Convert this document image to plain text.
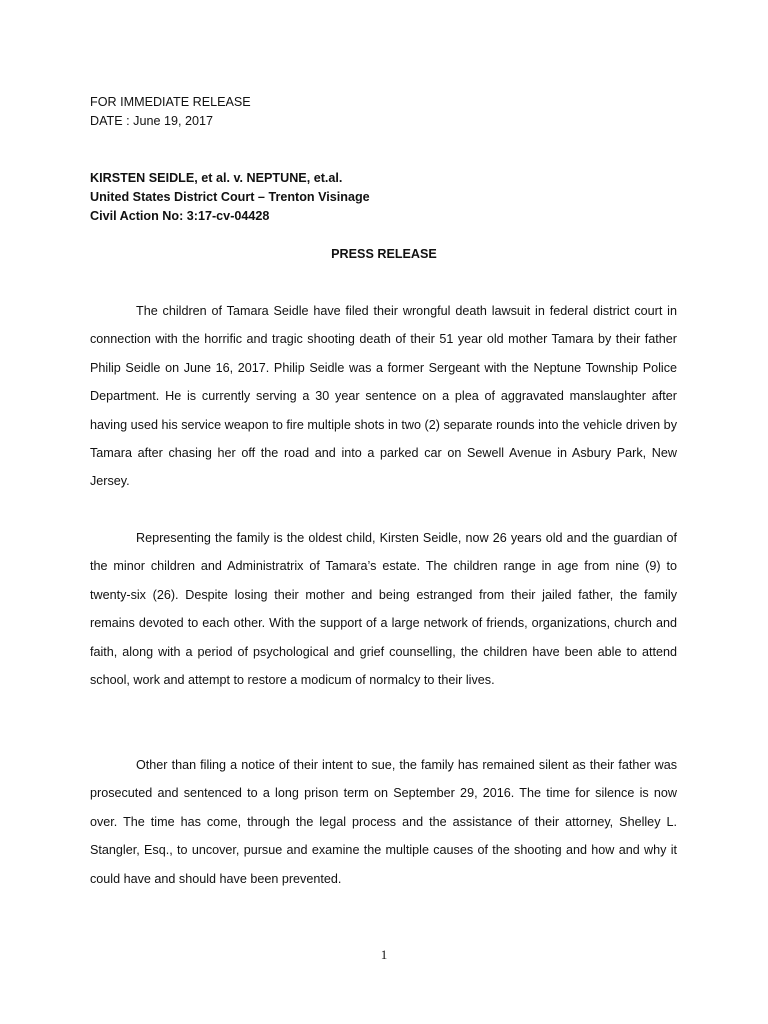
FOR IMMEDIATE RELEASE
DATE : June 19, 2017
KIRSTEN SEIDLE, et al. v. NEPTUNE, et.al.
United States District Court – Trenton Visinage
Civil Action No: 3:17-cv-04428
PRESS RELEASE

The children of Tamara Seidle have filed their wrongful death lawsuit in federal district court in connection with the horrific and tragic shooting death of their 51 year old mother Tamara by their father Philip Seidle on June 16, 2017. Philip Seidle was a former Sergeant with the Neptune Township Police Department. He is currently serving a 30 year sentence on a plea of aggravated manslaughter after having used his service weapon to fire multiple shots in two (2) separate rounds into the vehicle driven by Tamara after chasing her off the road and into a parked car on Sewell Avenue in Asbury Park, New Jersey.

Representing the family is the oldest child, Kirsten Seidle, now 26 years old and the guardian of the minor children and Administratrix of Tamara’s estate. The children range in age from nine (9) to twenty-six (26). Despite losing their mother and being estranged from their jailed father, the family remains devoted to each other. With the support of a large network of friends, organizations, church and faith, along with a period of psychological and grief counselling, the children have been able to attend school, work and attempt to restore a modicum of normalcy to their lives.

Other than filing a notice of their intent to sue, the family has remained silent as their father was prosecuted and sentenced to a long prison term on September 29, 2016. The time for silence is now over. The time has come, through the legal process and the assistance of their attorney, Shelley L. Stangler, Esq., to uncover, pursue and examine the multiple causes of the shooting and how and why it could have and should have been prevented.

1
